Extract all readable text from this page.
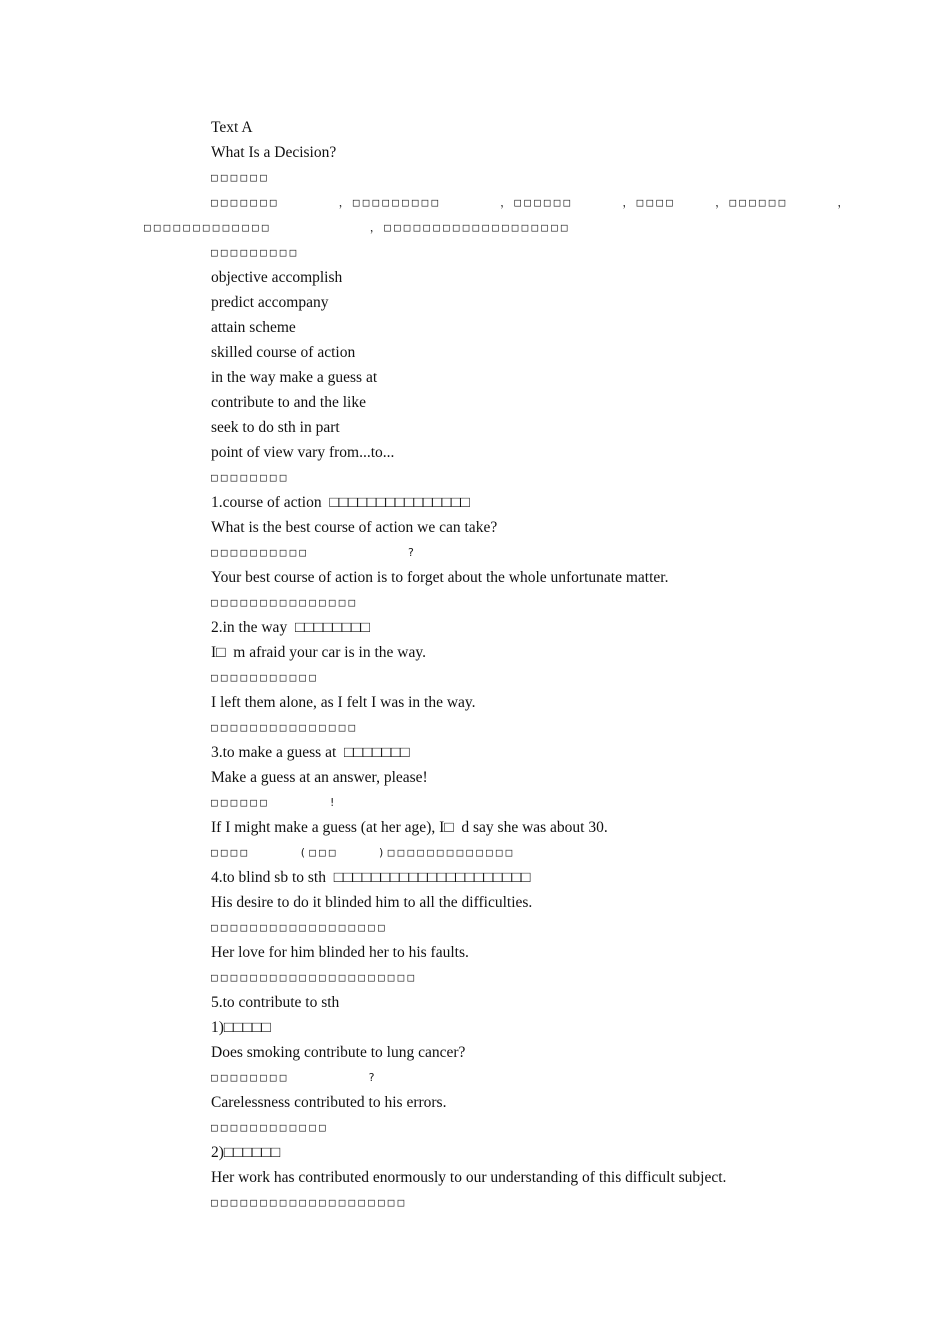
Text A
What Is a Decision?
□□□□□□
□□□□□□□      ，□□□□□□□□□      ，□□□□□□     ，□□□□    ，□□□□□□     ，
□□□□□□□□□□□□□          ，□□□□□□□□□□□□□□□□□□□
□□□□□□□□□
objective accomplish
predict accompany
attain scheme
skilled course of action
in the way make a guess at
contribute to and the like
seek to do sth in part
point of view vary from...to...
□□□□□□□□
1.course of action  □□□□□□□□□□□□□□□
What is the best course of action we can take?
□□□□□□□□□□          ?
Your best course of action is to forget about the whole unfortunate matter.
□□□□□□□□□□□□□□□
2.in the way  □□□□□□□□
I□  m afraid your car is in the way.
□□□□□□□□□□□
I left them alone, as I felt I was in the way.
□□□□□□□□□□□□□□□
3.to make a guess at  □□□□□□□
Make a guess at an answer, please!
□□□□□□      !
If I might make a guess (at her age), I□  d say she was about 30.
□□□□     (□□□    )□□□□□□□□□□□□□
4.to blind sb to sth  □□□□□□□□□□□□□□□□□□□□□
His desire to do it blinded him to all the difficulties.
□□□□□□□□□□□□□□□□□□
Her love for him blinded her to his faults.
□□□□□□□□□□□□□□□□□□□□□
5.to contribute to sth
1)□□□□□
Does smoking contribute to lung cancer?
□□□□□□□□        ?
Carelessness contributed to his errors.
□□□□□□□□□□□□
2)□□□□□□
Her work has contributed enormously to our understanding of this difficult subject.
□□□□□□□□□□□□□□□□□□□□
